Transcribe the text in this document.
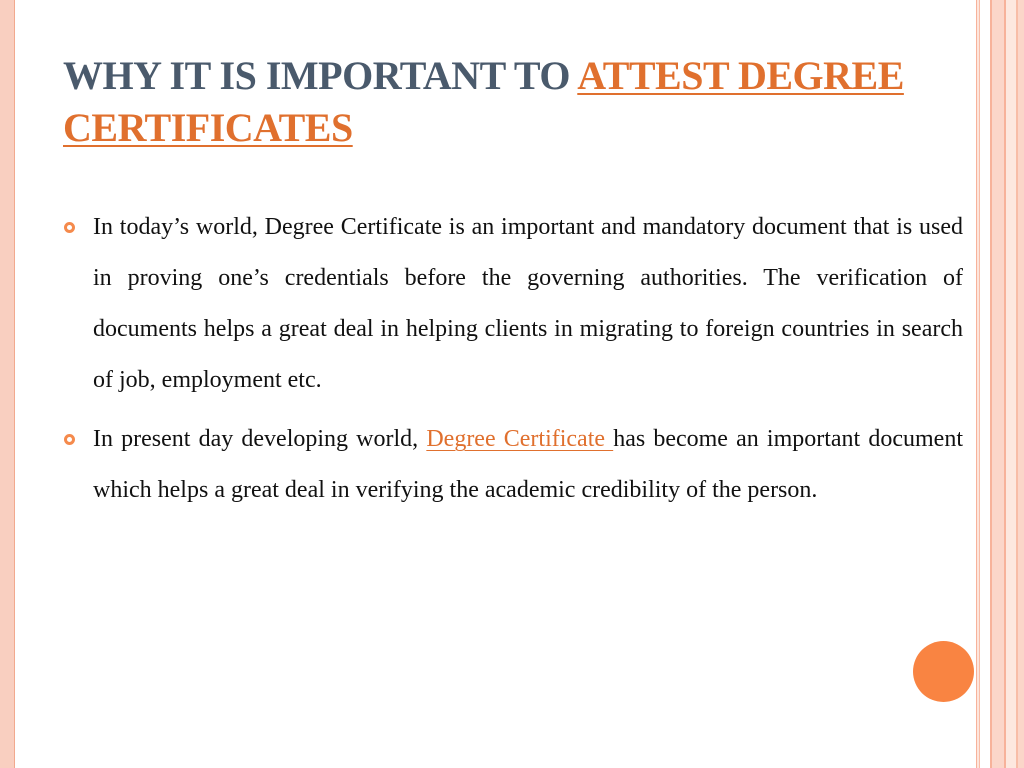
WHY IT IS IMPORTANT TO ATTEST DEGREE CERTIFICATES
In today’s world, Degree Certificate is an important and mandatory document that is used in proving one’s credentials before the governing authorities. The verification of documents helps a great deal in helping clients in migrating to foreign countries in search of job, employment etc.
In present day developing world, Degree Certificate has become an important document which helps a great deal in verifying the academic credibility of the person.
